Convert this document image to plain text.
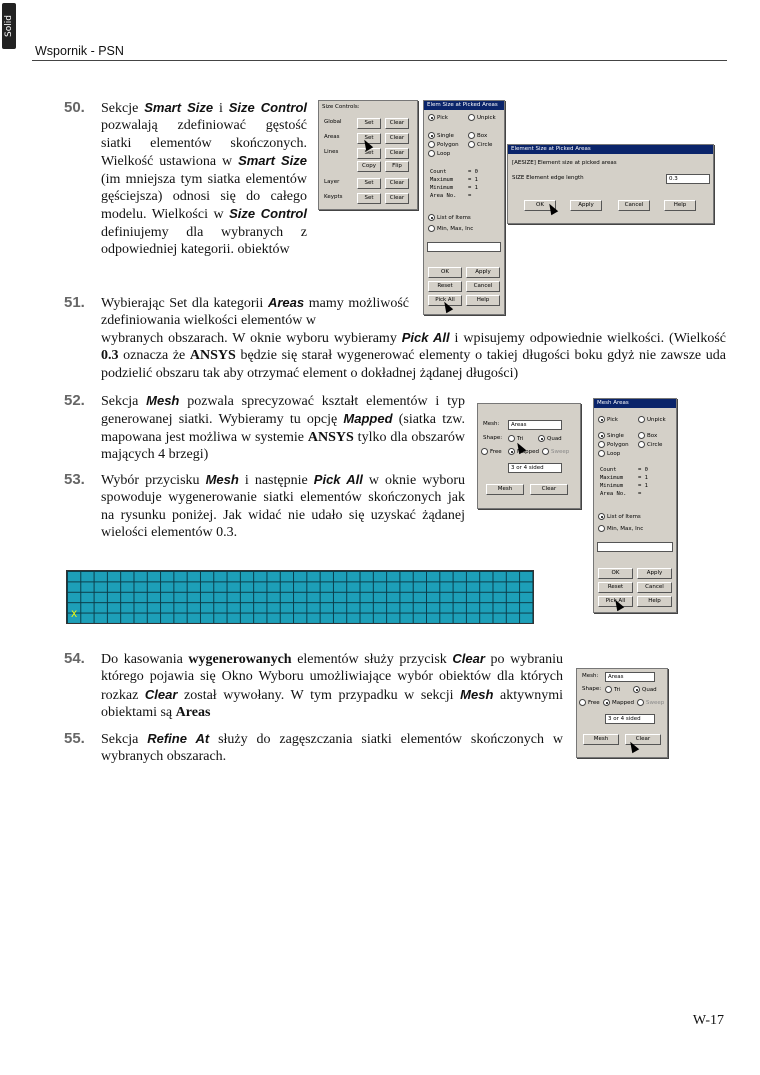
Solid Works
Wspornik - PSN
50. Sekcje Smart Size i Size Control pozwalają zdefiniować gęstość siatki elementów skończonych. Wielkość ustawiona w Smart Size (im mniejsza tym siatka elementów gęściejsza) odnosi się do całego modelu. Wielkości w Size Control definiujemy dla wybranych z odpowiedniej kategorii. obiektów
Size Controls:
Global	Set	Clear
Areas	Set	Clear
Lines	Set	Clear
Copy	Flip
Layer	Set	Clear
Keypts	Set	Clear
Elem Size at Picked Areas
Pick	Unpick
Single	Box
Polygon	Circle
Loop
Count	= 0
Maximum	= 1
Minimum	= 1
Area No. =
List of Items
Min, Max, Inc
OK	Apply
Reset	Cancel
Pick All	Help
Element Size at Picked Areas
[AESIZE] Element size at picked areas
SIZE Element edge length	0.3
OK	Apply	Cancel	Help
51. Wybierając Set dla kategorii Areas mamy możliwość zdefiniowania wielkości elementów w
wybranych obszarach. W oknie wyboru wybieramy Pick All i wpisujemy odpowiednie wielkości. (Wielkość 0.3 oznacza że ANSYS będzie się starał wygenerować elementy o takiej długości boku gdyż nie zawsze uda podzielić obszaru tak aby otrzymać element o dokładnej żądanej długości)
52. Sekcja Mesh pozwala sprecyzować kształt elementów i typ generowanej siatki. Wybieramy tu opcję Mapped (siatka tzw. mapowana jest możliwa w systemie ANSYS tylko dla obszarów mających 4 brzegi)
53. Wybór przycisku Mesh i następnie Pick All w oknie wyboru spowoduje wygenerowanie siatki elementów skończonych jak na rysunku poniżej. Jak widać nie udało się uzyskać żądanej wielości elementów 0.3.
Mesh:	Areas
Shape:	Tri	Quad
Free	Mapped	Sweep
3 or 4 sided
Mesh	Clear
Mesh Areas
Pick	Unpick
Single	Box
Polygon	Circle
Loop
Count	= 0
Maximum	= 1
Minimum	= 1
Area No. =
List of Items
Min, Max, Inc
OK	Apply
Reset	Cancel
Pick All	Help
X
54. Do kasowania wygenerowanych elementów służy przycisk Clear po wybraniu którego pojawia się Okno Wyboru umożliwiające wybór obiektów dla których rozkaz Clear został wywołany. W tym przypadku w sekcji Mesh aktywnymi obiektami są Areas
55. Sekcja Refine At służy do zagęszczania siatki elementów skończonych w wybranych obszarach.
Mesh:	Areas
Shape:	Tri	Quad
Free	Mapped	Sweep
3 or 4 sided
Mesh	Clear
W-17
